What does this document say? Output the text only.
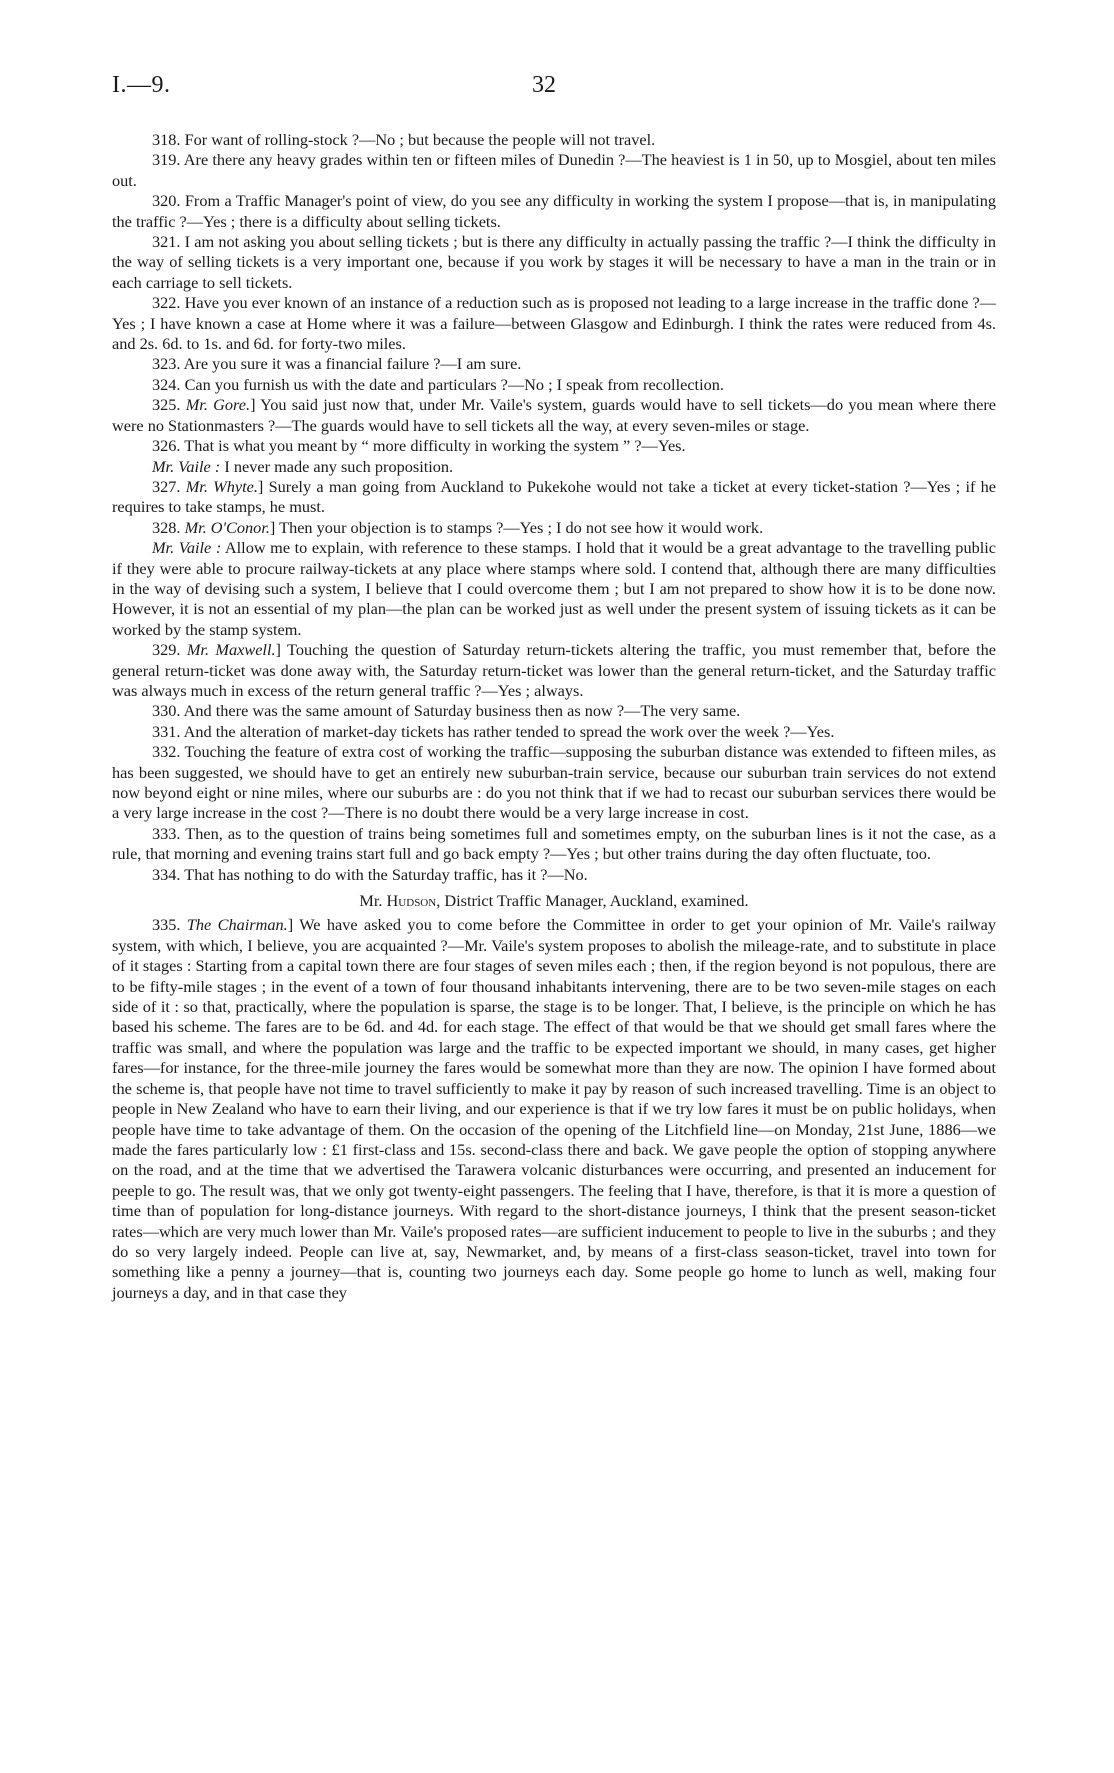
I.—9.	32

318. For want of rolling-stock ?—No ; but because the people will not travel.

319. Are there any heavy grades within ten or fifteen miles of Dunedin ?—The heaviest is 1 in 50, up to Mosgiel, about ten miles out.

320. From a Traffic Manager's point of view, do you see any difficulty in working the system I propose—that is, in manipulating the traffic ?—Yes ; there is a difficulty about selling tickets.

321. I am not asking you about selling tickets ; but is there any difficulty in actually passing the traffic ?—I think the difficulty in the way of selling tickets is a very important one, because if you work by stages it will be necessary to have a man in the train or in each carriage to sell tickets.

322. Have you ever known of an instance of a reduction such as is proposed not leading to a large increase in the traffic done ?—Yes ; I have known a case at Home where it was a failure—between Glasgow and Edinburgh. I think the rates were reduced from 4s. and 2s. 6d. to 1s. and 6d. for forty-two miles.

323. Are you sure it was a financial failure ?—I am sure.

324. Can you furnish us with the date and particulars ?—No ; I speak from recollection.

325. Mr. Gore.] You said just now that, under Mr. Vaile's system, guards would have to sell tickets—do you mean where there were no Stationmasters ?—The guards would have to sell tickets all the way, at every seven-miles or stage.

326. That is what you meant by “ more difficulty in working the system ” ?—Yes.

Mr. Vaile : I never made any such proposition.

327. Mr. Whyte.] Surely a man going from Auckland to Pukekohe would not take a ticket at every ticket-station ?—Yes ; if he requires to take stamps, he must.

328. Mr. O'Conor.] Then your objection is to stamps ?—Yes ; I do not see how it would work.

Mr. Vaile : Allow me to explain, with reference to these stamps. I hold that it would be a great advantage to the travelling public if they were able to procure railway-tickets at any place where stamps where sold. I contend that, although there are many difficulties in the way of devising such a system, I believe that I could overcome them ; but I am not prepared to show how it is to be done now. However, it is not an essential of my plan—the plan can be worked just as well under the present system of issuing tickets as it can be worked by the stamp system.

329. Mr. Maxwell.] Touching the question of Saturday return-tickets altering the traffic, you must remember that, before the general return-ticket was done away with, the Saturday return-ticket was lower than the general return-ticket, and the Saturday traffic was always much in excess of the return general traffic ?—Yes ; always.

330. And there was the same amount of Saturday business then as now ?—The very same.

331. And the alteration of market-day tickets has rather tended to spread the work over the week ?—Yes.

332. Touching the feature of extra cost of working the traffic—supposing the suburban distance was extended to fifteen miles, as has been suggested, we should have to get an entirely new suburban-train service, because our suburban train services do not extend now beyond eight or nine miles, where our suburbs are : do you not think that if we had to recast our suburban services there would be a very large increase in the cost ?—There is no doubt there would be a very large increase in cost.

333. Then, as to the question of trains being sometimes full and sometimes empty, on the suburban lines is it not the case, as a rule, that morning and evening trains start full and go back empty ?—Yes ; but other trains during the day often fluctuate, too.

334. That has nothing to do with the Saturday traffic, has it ?—No.

Mr. Hudson, District Traffic Manager, Auckland, examined.

335. The Chairman.] We have asked you to come before the Committee in order to get your opinion of Mr. Vaile's railway system, with which, I believe, you are acquainted ?—Mr. Vaile's system proposes to abolish the mileage-rate, and to substitute in place of it stages : Starting from a capital town there are four stages of seven miles each ; then, if the region beyond is not populous, there are to be fifty-mile stages ; in the event of a town of four thousand inhabitants intervening, there are to be two seven-mile stages on each side of it : so that, practically, where the population is sparse, the stage is to be longer. That, I believe, is the principle on which he has based his scheme. The fares are to be 6d. and 4d. for each stage. The effect of that would be that we should get small fares where the traffic was small, and where the population was large and the traffic to be expected important we should, in many cases, get higher fares—for instance, for the three-mile journey the fares would be somewhat more than they are now. The opinion I have formed about the scheme is, that people have not time to travel sufficiently to make it pay by reason of such increased travelling. Time is an object to people in New Zealand who have to earn their living, and our experience is that if we try low fares it must be on public holidays, when people have time to take advantage of them. On the occasion of the opening of the Litchfield line—on Monday, 21st June, 1886—we made the fares particularly low : £1 first-class and 15s. second-class there and back. We gave people the option of stopping anywhere on the road, and at the time that we advertised the Tarawera volcanic disturbances were occurring, and presented an inducement for peeple to go. The result was, that we only got twenty-eight passengers. The feeling that I have, therefore, is that it is more a question of time than of population for long-distance journeys. With regard to the short-distance journeys, I think that the present season-ticket rates—which are very much lower than Mr. Vaile's proposed rates—are sufficient inducement to people to live in the suburbs ; and they do so very largely indeed. People can live at, say, Newmarket, and, by means of a first-class season-ticket, travel into town for something like a penny a journey—that is, counting two journeys each day. Some people go home to lunch as well, making four journeys a day, and in that case they
